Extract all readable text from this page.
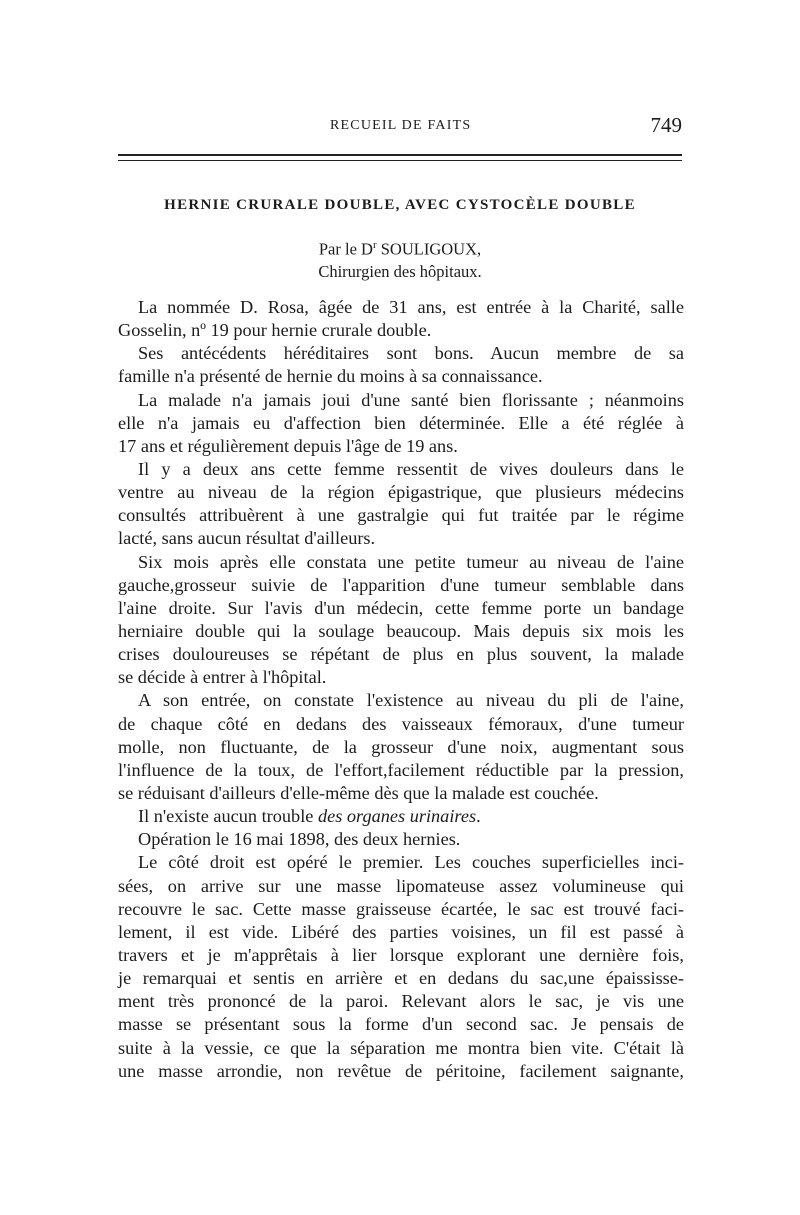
RECUEIL DE FAITS	749
HERNIE CRURALE DOUBLE, AVEC CYSTOCÈLE DOUBLE
Par le $D^r$ SOULIGOUX,
Chirurgien des hôpitaux.
La nommée D. Rosa, âgée de 31 ans, est entrée à la Charité, salle
Gosselin, nº 19 pour hernie crurale double.
Ses antécédents héréditaires sont bons. Aucun membre de sa
famille n'a présenté de hernie du moins à sa connaissance.
La malade n'a jamais joui d'une santé bien florissante ; néanmoins
elle n'a jamais eu d'affection bien déterminée. Elle a été réglée à
17 ans et régulièrement depuis l'âge de 19 ans.
Il y a deux ans cette femme ressentit de vives douleurs dans le
ventre au niveau de la région épigastrique, que plusieurs médecins
consultés attribuèrent à une gastralgie qui fut traitée par le régime
lacté, sans aucun résultat d'ailleurs.
Six mois après elle constata une petite tumeur au niveau de l'aine
gauche,grosseur suivie de l'apparition d'une tumeur semblable dans
l'aine droite. Sur l'avis d'un médecin, cette femme porte un bandage
herniaire double qui la soulage beaucoup. Mais depuis six mois les
crises douloureuses se répétant de plus en plus souvent, la malade
se décide à entrer à l'hôpital.
A son entrée, on constate l'existence au niveau du pli de l'aine,
de chaque côté en dedans des vaisseaux fémoraux, d'une tumeur
molle, non fluctuante, de la grosseur d'une noix, augmentant sous
l'influence de la toux, de l'effort,facilement réductible par la pression,
se réduisant d'ailleurs d'elle-même dès que la malade est couchée.
Il n'existe aucun trouble des organes urinaires.
Opération le 16 mai 1898, des deux hernies.
Le côté droit est opéré le premier. Les couches superficielles inci-
sées, on arrive sur une masse lipomateuse assez volumineuse qui
recouvre le sac. Cette masse graisseuse écartée, le sac est trouvé faci-
lement, il est vide. Libéré des parties voisines, un fil est passé à
travers et je m'apprêtais à lier lorsque explorant une dernière fois,
je remarquai et sentis en arrière et en dedans du sac,une épaississe-
ment très prononcé de la paroi. Relevant alors le sac, je vis une
masse se présentant sous la forme d'un second sac. Je pensais de
suite à la vessie, ce que la séparation me montra bien vite. C'était là
une masse arrondie, non revêtue de péritoine, facilement saignante,
